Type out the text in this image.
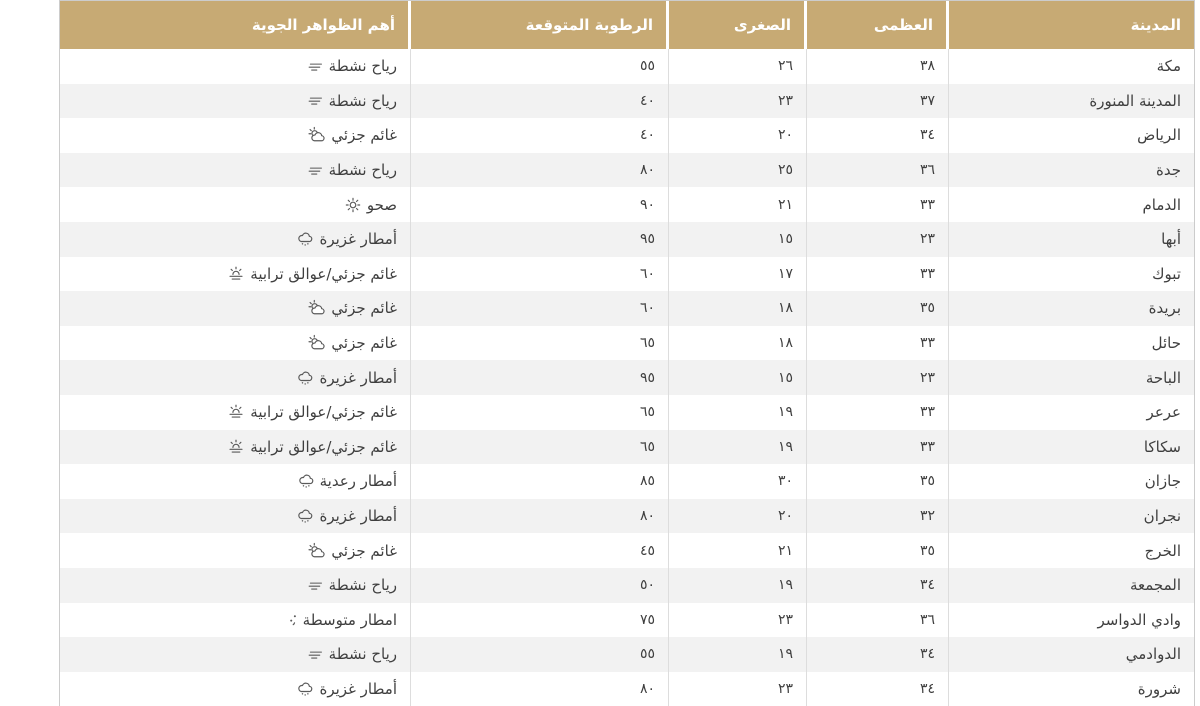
المدينة
العظمى
الصغرى
الرطوبة المتوقعة
أهم الظواهر الجوية
مكة
٣٨
٢٦
٥٥
رياح نشطة
المدينة المنورة
٣٧
٢٣
٤٠
رياح نشطة
الرياض
٣٤
٢٠
٤٠
غائم جزئي
جدة
٣٦
٢٥
٨٠
رياح نشطة
الدمام
٣٣
٢١
٩٠
صحو
أبها
٢٣
١٥
٩٥
أمطار غزيرة
تبوك
٣٣
١٧
٦٠
غائم جزئي/عوالق ترابية
بريدة
٣٥
١٨
٦٠
غائم جزئي
حائل
٣٣
١٨
٦٥
غائم جزئي
الباحة
٢٣
١٥
٩٥
أمطار غزيرة
عرعر
٣٣
١٩
٦٥
غائم جزئي/عوالق ترابية
سكاكا
٣٣
١٩
٦٥
غائم جزئي/عوالق ترابية
جازان
٣٥
٣٠
٨٥
أمطار رعدية
نجران
٣٢
٢٠
٨٠
أمطار غزيرة
الخرج
٣٥
٢١
٤٥
غائم جزئي
المجمعة
٣٤
١٩
٥٠
رياح نشطة
وادي الدواسر
٣٦
٢٣
٧٥
امطار متوسطة
الدوادمي
٣٤
١٩
٥٥
رياح نشطة
شرورة
٣٤
٢٣
٨٠
أمطار غزيرة
